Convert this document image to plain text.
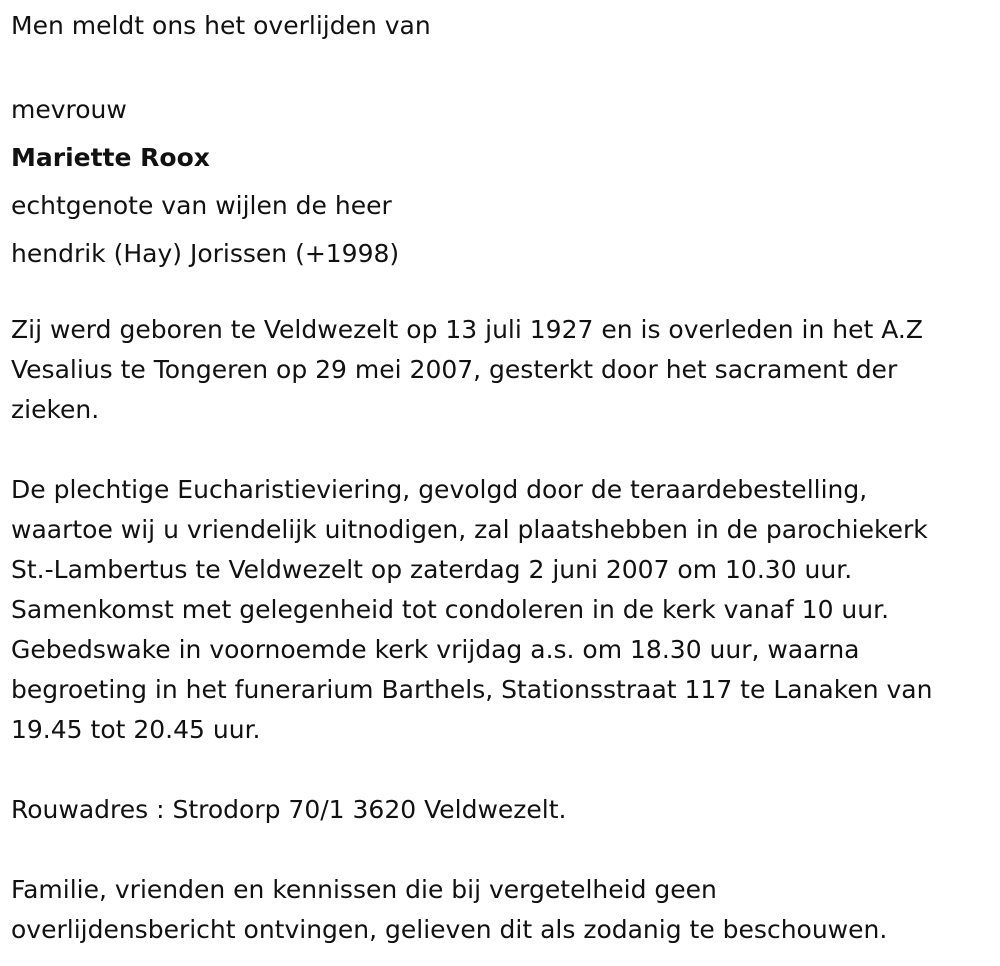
Men meldt ons het overlijden van
mevrouw
Mariette Roox
echtgenote van wijlen de heer
hendrik (Hay) Jorissen (+1998)
Zij werd geboren te Veldwezelt op 13 juli 1927 en is overleden in het A.Z
Vesalius te Tongeren op 29 mei 2007, gesterkt door het sacrament der
zieken.
De plechtige Eucharistieviering, gevolgd door de teraardebestelling,
waartoe wij u vriendelijk uitnodigen, zal plaatshebben in de parochiekerk
St.-Lambertus te Veldwezelt op zaterdag 2 juni 2007 om 10.30 uur.
Samenkomst met gelegenheid tot condoleren in de kerk vanaf 10 uur.
Gebedswake in voornoemde kerk vrijdag a.s. om 18.30 uur, waarna
begroeting in het funerarium Barthels, Stationsstraat 117 te Lanaken van
19.45 tot 20.45 uur.
Rouwadres : Strodorp 70/1 3620 Veldwezelt.
Familie, vrienden en kennissen die bij vergetelheid geen
overlijdensbericht ontvingen, gelieven dit als zodanig te beschouwen.
